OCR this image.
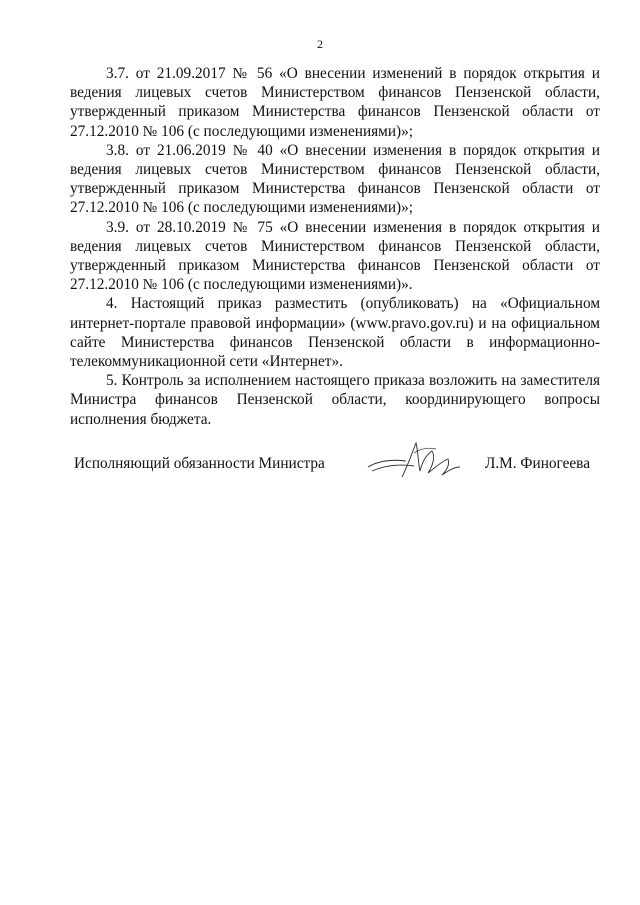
2

3.7. от 21.09.2017 № 56 «О внесении изменений в порядок открытия и
ведения лицевых счетов Министерством финансов Пензенской области,
утвержденный приказом Министерства финансов Пензенской области от
27.12.2010 № 106 (с последующими изменениями)»;

3.8. от 21.06.2019 № 40 «О внесении изменения в порядок открытия и
ведения лицевых счетов Министерством финансов Пензенской области,
утвержденный приказом Министерства финансов Пензенской области от
27.12.2010 № 106 (с последующими изменениями)»;

3.9. от 28.10.2019 № 75 «О внесении изменения в порядок открытия и
ведения лицевых счетов Министерством финансов Пензенской области,
утвержденный приказом Министерства финансов Пензенской области от
27.12.2010 № 106 (с последующими изменениями)».

4. Настоящий приказ разместить (опубликовать) на «Официальном
интернет-портале правовой информации» (www.pravo.gov.ru) и на официальном
сайте Министерства финансов Пензенской области в информационно-
телекоммуникационной сети «Интернет».

5. Контроль за исполнением настоящего приказа возложить на заместителя
Министра финансов Пензенской области, координирующего вопросы
исполнения бюджета.

Исполняющий обязанности Министра	Л.М. Финогеева
